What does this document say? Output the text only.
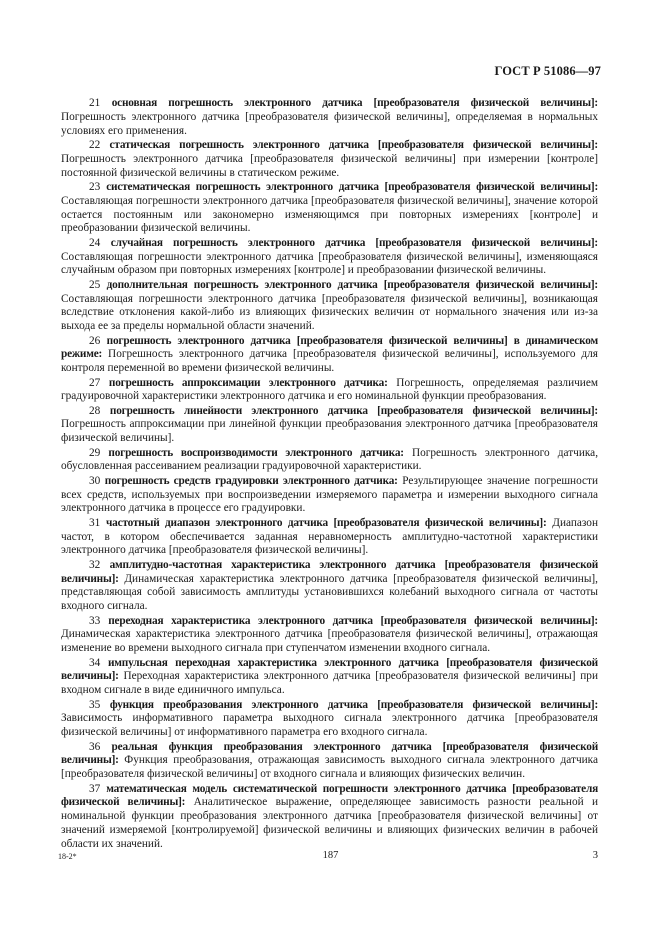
ГОСТ Р 51086—97

21 основная погрешность электронного датчика [преобразователя физической величины]: Погрешность электронного датчика [преобразователя физической величины], определяемая в нормальных условиях его применения.

22 статическая погрешность электронного датчика [преобразователя физической величины]: Погрешность электронного датчика [преобразователя физической величины] при измерении [контроле] постоянной физической величины в статическом режиме.

23 систематическая погрешность электронного датчика [преобразователя физической величины]: Составляющая погрешности электронного датчика [преобразователя физической величины], значение которой остается постоянным или закономерно изменяющимся при повторных измерениях [контроле] и преобразовании физической величины.

24 случайная погрешность электронного датчика [преобразователя физической величины]: Составляющая погрешности электронного датчика [преобразователя физической величины], изменяющаяся случайным образом при повторных измерениях [контроле] и преобразовании физической величины.

25 дополнительная погрешность электронного датчика [преобразователя физической величины]: Составляющая погрешности электронного датчика [преобразователя физической величины], возникающая вследствие отклонения какой-либо из влияющих физических величин от нормального значения или из-за выхода ее за пределы нормальной области значений.

26 погрешность электронного датчика [преобразователя физической величины] в динамическом режиме: Погрешность электронного датчика [преобразователя физической величины], используемого для контроля переменной во времени физической величины.

27 погрешность аппроксимации электронного датчика: Погрешность, определяемая различием градуировочной характеристики электронного датчика и его номинальной функции преобразования.

28 погрешность линейности электронного датчика [преобразователя физической величины]: Погрешность аппроксимации при линейной функции преобразования электронного датчика [преобразователя физической величины].

29 погрешность воспроизводимости электронного датчика: Погрешность электронного датчика, обусловленная рассеиванием реализации градуировочной характеристики.

30 погрешность средств градуировки электронного датчика: Результирующее значение погрешности всех средств, используемых при воспроизведении измеряемого параметра и измерении выходного сигнала электронного датчика в процессе его градуировки.

31 частотный диапазон электронного датчика [преобразователя физической величины]: Диапазон частот, в котором обеспечивается заданная неравномерность амплитудно-частотной характеристики электронного датчика [преобразователя физической величины].

32 амплитудно-частотная характеристика электронного датчика [преобразователя физической величины]: Динамическая характеристика электронного датчика [преобразователя физической величины], представляющая собой зависимость амплитуды установившихся колебаний выходного сигнала от частоты входного сигнала.

33 переходная характеристика электронного датчика [преобразователя физической величины]: Динамическая характеристика электронного датчика [преобразователя физической величины], отражающая изменение во времени выходного сигнала при ступенчатом изменении входного сигнала.

34 импульсная переходная характеристика электронного датчика [преобразователя физической величины]: Переходная характеристика электронного датчика [преобразователя физической величины] при входном сигнале в виде единичного импульса.

35 функция преобразования электронного датчика [преобразователя физической величины]: Зависимость информативного параметра выходного сигнала электронного датчика [преобразователя физической величины] от информативного параметра его входного сигнала.

36 реальная функция преобразования электронного датчика [преобразователя физической величины]: Функция преобразования, отражающая зависимость выходного сигнала электронного датчика [преобразователя физической величины] от входного сигнала и влияющих физических величин.

37 математическая модель систематической погрешности электронного датчика [преобразователя физической величины]: Аналитическое выражение, определяющее зависимость разности реальной и номинальной функции преобразования электронного датчика [преобразователя физической величины] от значений измеряемой [контролируемой] физической величины и влияющих физических величин в рабочей области их значений.

18-2*	187	3
